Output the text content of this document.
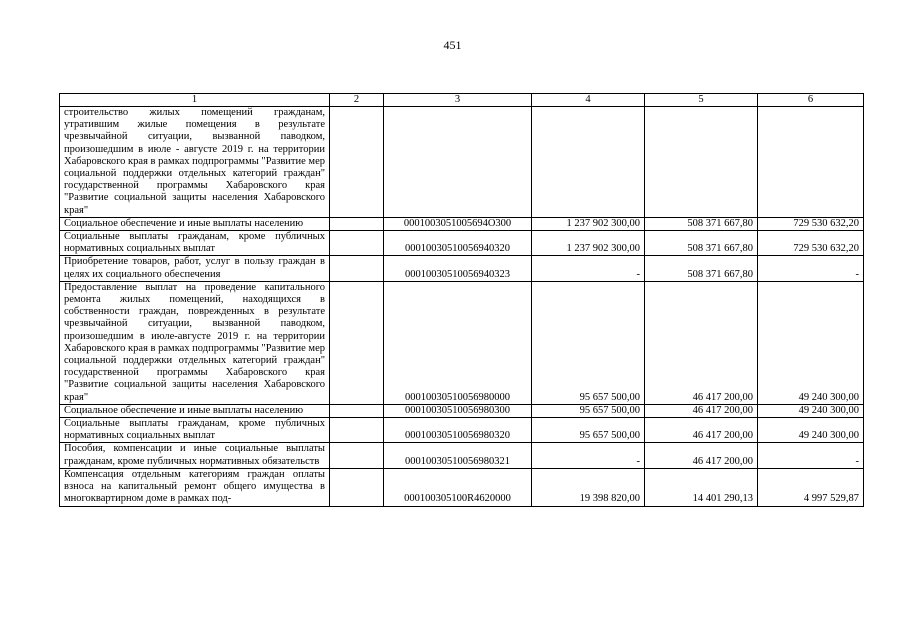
451
1	2	3	4	5	6
строительство жилых помещений гражданам, утратившим жилые помещения в результате чрезвычайной ситуации, вызванной паводком, произошедшим в июле - августе 2019 г. на территории Хабаровского края в рамках подпрограммы "Развитие мер социальной поддержки отдельных категорий граждан" государственной программы Хабаровского края "Развитие социальной защиты населения Хабаровского края"					
Социальное обеспечение и иные выплаты населению		0001003051005694O300	1 237 902 300,00	508 371 667,80	729 530 632,20
Социальные выплаты гражданам, кроме публичных нормативных социальных выплат		00010030510056940320	1 237 902 300,00	508 371 667,80	729 530 632,20
Приобретение товаров, работ, услуг в пользу граждан в целях их социального обеспечения		00010030510056940323	-	508 371 667,80	-
Предоставление выплат на проведение капитального ремонта жилых помещений, находящихся в собственности граждан, поврежденных в результате чрезвычайной ситуации, вызванной паводком, произошедшим в июле-августе 2019 г. на территории Хабаровского края в рамках подпрограммы "Развитие мер социальной поддержки отдельных категорий граждан" государственной программы Хабаровского края "Развитие социальной защиты населения Хабаровского края"		00010030510056980000	95 657 500,00	46 417 200,00	49 240 300,00
Социальное обеспечение и иные выплаты населению		00010030510056980300	95 657 500,00	46 417 200,00	49 240 300,00
Социальные выплаты гражданам, кроме публичных нормативных социальных выплат		00010030510056980320	95 657 500,00	46 417 200,00	49 240 300,00
Пособия, компенсации и иные социальные выплаты гражданам, кроме публичных нормативных обязательств		00010030510056980321	-	46 417 200,00	-
Компенсация отдельным категориям граждан оплаты взноса на капитальный ремонт общего имущества в многоквартирном доме в рамках под-		000100305100R4620000	19 398 820,00	14 401 290,13	4 997 529,87
